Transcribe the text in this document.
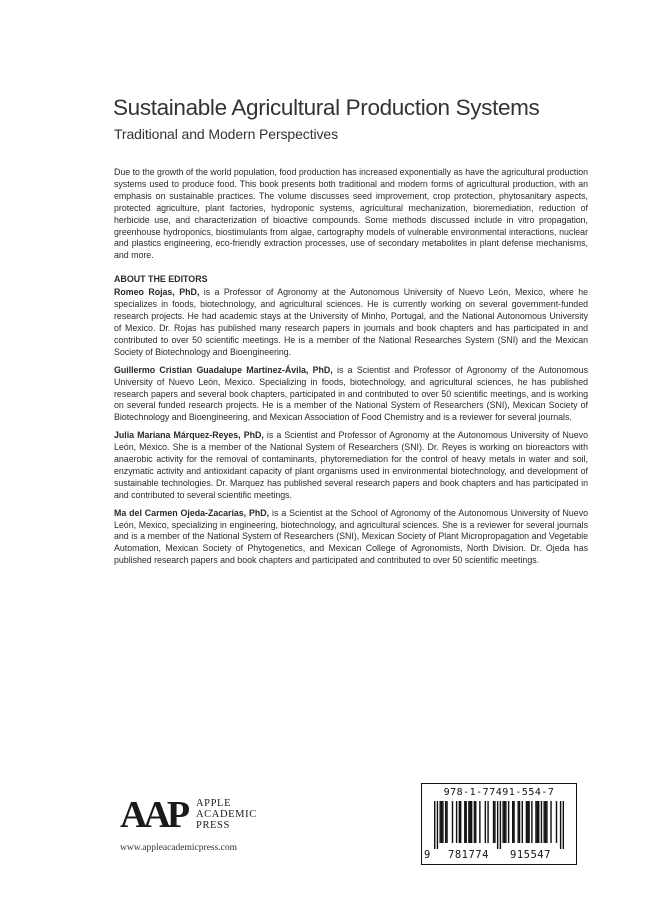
Sustainable Agricultural Production Systems
Traditional and Modern Perspectives

Due to the growth of the world population, food production has increased exponentially as have the agricultural production systems used to produce food. This book presents both traditional and modern forms of agricultural production, with an emphasis on sustainable practices. The volume discusses seed improvement, crop protection, phytosanitary aspects, protected agriculture, plant factories, hydroponic systems, agricultural mechanization, bioremediation, reduction of herbicide use, and characterization of bioactive compounds. Some methods discussed include in vitro propagation, greenhouse hydroponics, biostimulants from algae, cartography models of vulnerable environmental interactions, nuclear and plastics engineering, eco-friendly extraction processes, use of secondary metabolites in plant defense mechanisms, and more.

ABOUT THE EDITORS

Romeo Rojas, PhD, is a Professor of Agronomy at the Autonomous University of Nuevo León, Mexico, where he specializes in foods, biotechnology, and agricultural sciences. He is currently working on several government-funded research projects. He had academic stays at the University of Minho, Portugal, and the National Autonomous University of Mexico. Dr. Rojas has published many research papers in journals and book chapters and has participated in and contributed to over 50 scientific meetings. He is a member of the National Researches System (SNI) and the Mexican Society of Biotechnology and Bioengineering.

Guillermo Cristian Guadalupe Martínez-Ávila, PhD, is a Scientist and Professor of Agronomy of the Autonomous University of Nuevo León, Mexico. Specializing in foods, biotechnology, and agricultural sciences, he has published research papers and several book chapters, participated in and contributed to over 50 scientific meetings, and is working on several funded research projects. He is a member of the National System of Researchers (SNI), Mexican Society of Biotechnology and Bioengineering, and Mexican Association of Food Chemistry and is a reviewer for several journals.

Julia Mariana Márquez-Reyes, PhD, is a Scientist and Professor of Agronomy at the Autonomous University of Nuevo León, México. She is a member of the National System of Researchers (SNI). Dr. Reyes is working on bioreactors with anaerobic activity for the removal of contaminants, phytoremediation for the control of heavy metals in water and soil, enzymatic activity and antioxidant capacity of plant organisms used in environmental biotechnology, and development of sustainable technologies. Dr. Marquez has published several research papers and book chapters and has participated in and contributed to several scientific meetings.

Ma del Carmen Ojeda-Zacarías, PhD, is a Scientist at the School of Agronomy of the Autonomous University of Nuevo León, Mexico, specializing in engineering, biotechnology, and agricultural sciences. She is a reviewer for several journals and is a member of the National System of Researchers (SNI), Mexican Society of Plant Micropropagation and Vegetable Automation, Mexican Society of Phytogenetics, and Mexican College of Agronomists, North Division. Dr. Ojeda has published research papers and book chapters and participated and contributed to over 50 scientific meetings.

AAP APPLE
ACADEMIC
PRESS
www.appleacademicpress.com
978-1-77491-554-7
9 781774 915547
